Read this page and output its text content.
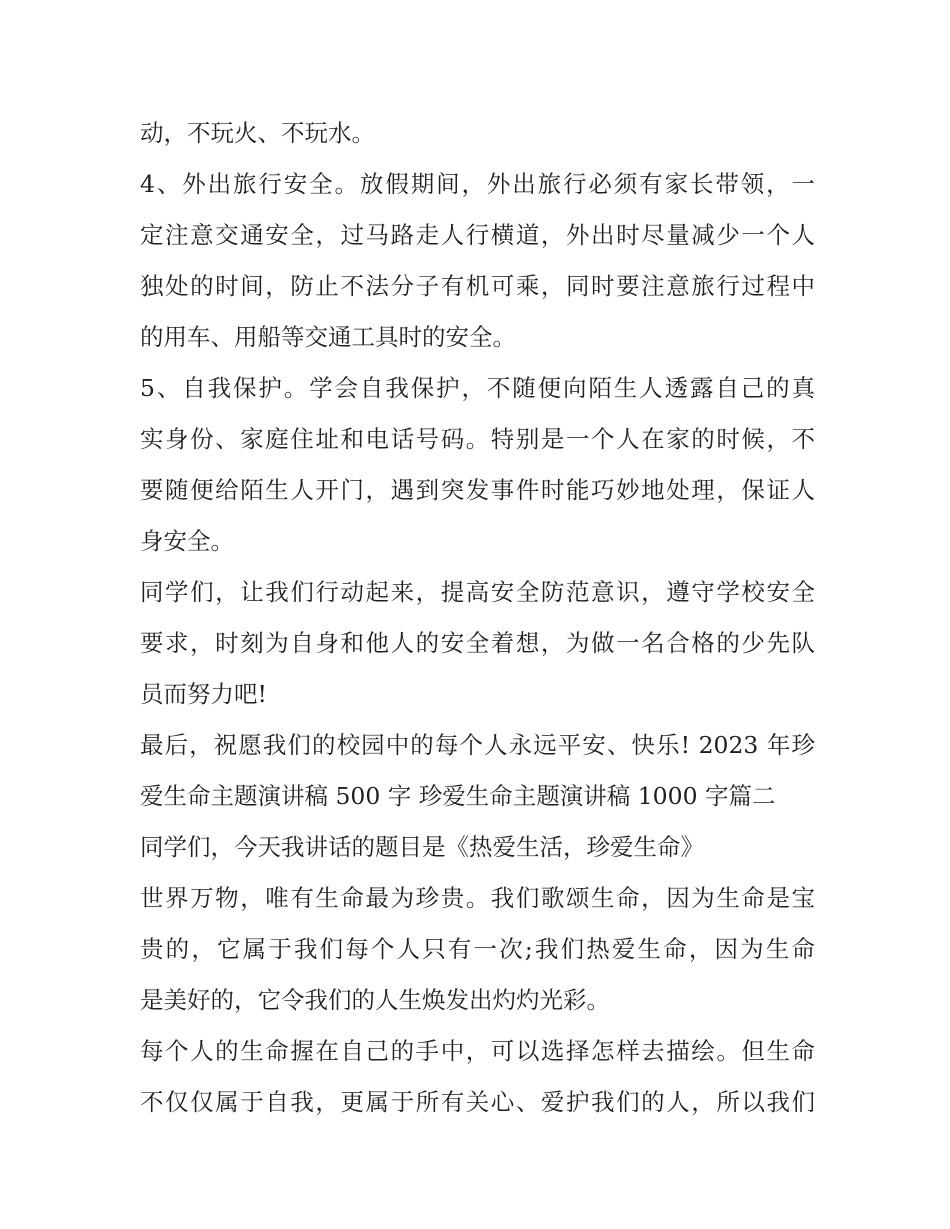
动，不玩火、不玩水。
4、外出旅行安全。放假期间，外出旅行必须有家长带领，一
定注意交通安全，过马路走人行横道，外出时尽量减少一个人
独处的时间，防止不法分子有机可乘，同时要注意旅行过程中
的用车、用船等交通工具时的安全。
5、自我保护。学会自我保护，不随便向陌生人透露自己的真
实身份、家庭住址和电话号码。特别是一个人在家的时候，不
要随便给陌生人开门，遇到突发事件时能巧妙地处理，保证人
身安全。
同学们，让我们行动起来，提高安全防范意识，遵守学校安全
要求，时刻为自身和他人的安全着想，为做一名合格的少先队
员而努力吧!
最后，祝愿我们的校园中的每个人永远平安、快乐! 2023 年珍
爱生命主题演讲稿 500 字 珍爱生命主题演讲稿 1000 字篇二
同学们，今天我讲话的题目是《热爱生活，珍爱生命》
世界万物，唯有生命最为珍贵。我们歌颂生命，因为生命是宝
贵的，它属于我们每个人只有一次;我们热爱生命，因为生命
是美好的，它令我们的人生焕发出灼灼光彩。
每个人的生命握在自己的手中，可以选择怎样去描绘。但生命
不仅仅属于自我，更属于所有关心、爱护我们的人，所以我们
